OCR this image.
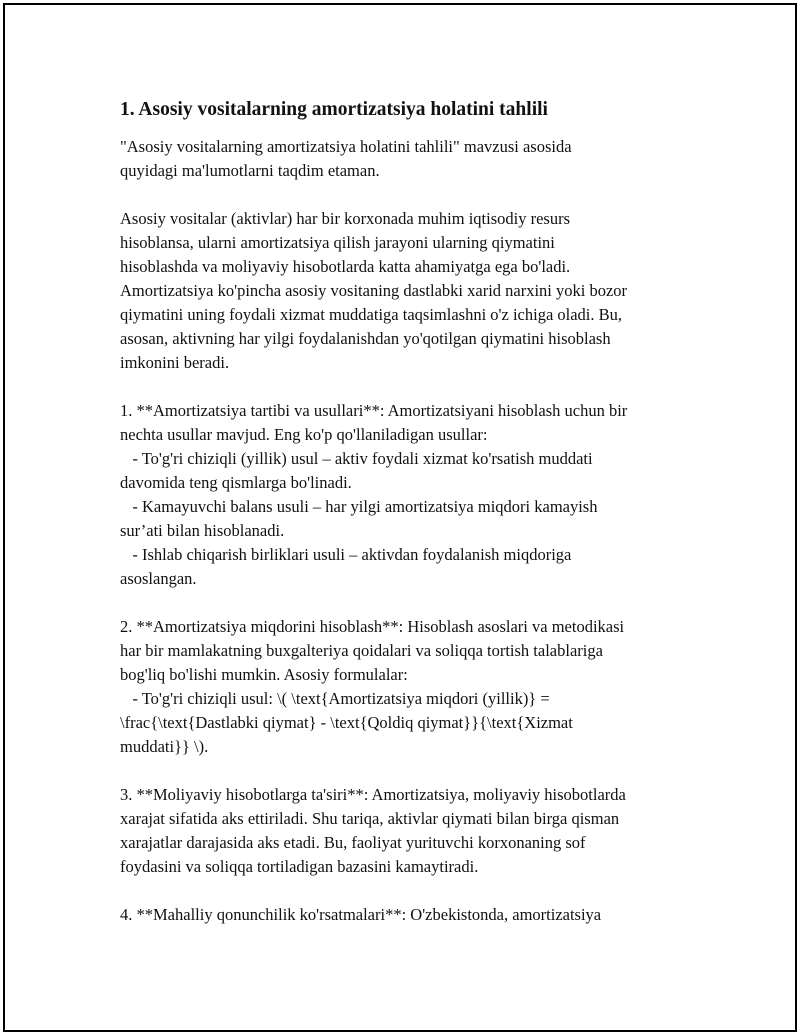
1. Asosiy vositalarning amortizatsiya holatini tahlili

"Asosiy vositalarning amortizatsiya holatini tahlili" mavzusi asosida
quyidagi ma'lumotlarni taqdim etaman.

Asosiy vositalar (aktivlar) har bir korxonada muhim iqtisodiy resurs
hisoblansa, ularni amortizatsiya qilish jarayoni ularning qiymatini
hisoblashda va moliyaviy hisobotlarda katta ahamiyatga ega bo'ladi.
Amortizatsiya ko'pincha asosiy vositaning dastlabki xarid narxini yoki bozor
qiymatini uning foydali xizmat muddatiga taqsimlashni o'z ichiga oladi. Bu,
asosan, aktivning har yilgi foydalanishdan yo'qotilgan qiymatini hisoblash
imkonini beradi.

1. **Amortizatsiya tartibi va usullari**: Amortizatsiyani hisoblash uchun bir
nechta usullar mavjud. Eng ko'p qo'llaniladigan usullar:
- To'g'ri chiziqli (yillik) usul – aktiv foydali xizmat ko'rsatish muddati
davomida teng qismlarga bo'linadi.
- Kamayuvchi balans usuli – har yilgi amortizatsiya miqdori kamayish
sur’ati bilan hisoblanadi.
- Ishlab chiqarish birliklari usuli – aktivdan foydalanish miqdoriga
asoslangan.

2. **Amortizatsiya miqdorini hisoblash**: Hisoblash asoslari va metodikasi
har bir mamlakatning buxgalteriya qoidalari va soliqqa tortish talablariga
bog'liq bo'lishi mumkin. Asosiy formulalar:
- To'g'ri chiziqli usul: \( \text{Amortizatsiya miqdori (yillik)} =
\frac{\text{Dastlabki qiymat} - \text{Qoldiq qiymat}}{\text{Xizmat
muddati}} \).

3. **Moliyaviy hisobotlarga ta'siri**: Amortizatsiya, moliyaviy hisobotlarda
xarajat sifatida aks ettiriladi. Shu tariqa, aktivlar qiymati bilan birga qisman
xarajatlar darajasida aks etadi. Bu, faoliyat yurituvchi korxonaning sof
foydasini va soliqqa tortiladigan bazasini kamaytiradi.

4. **Mahalliy qonunchilik ko'rsatmalari**: O'zbekistonda, amortizatsiya
